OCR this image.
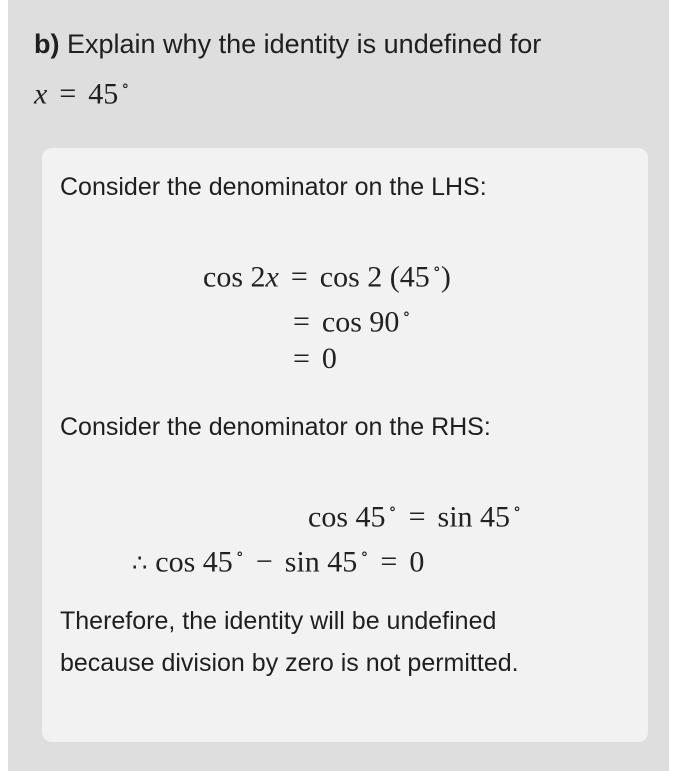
b) Explain why the identity is undefined for
x = 45 ∘
Consider the denominator on the LHS:
cos 2x = cos 2 (45 ∘)
= cos 90 ∘
= 0
Consider the denominator on the RHS:
cos 45 ∘ = sin 45 ∘
∴ cos 45 ∘ − sin 45 ∘ = 0
Therefore, the identity will be undefined
because division by zero is not permitted.
